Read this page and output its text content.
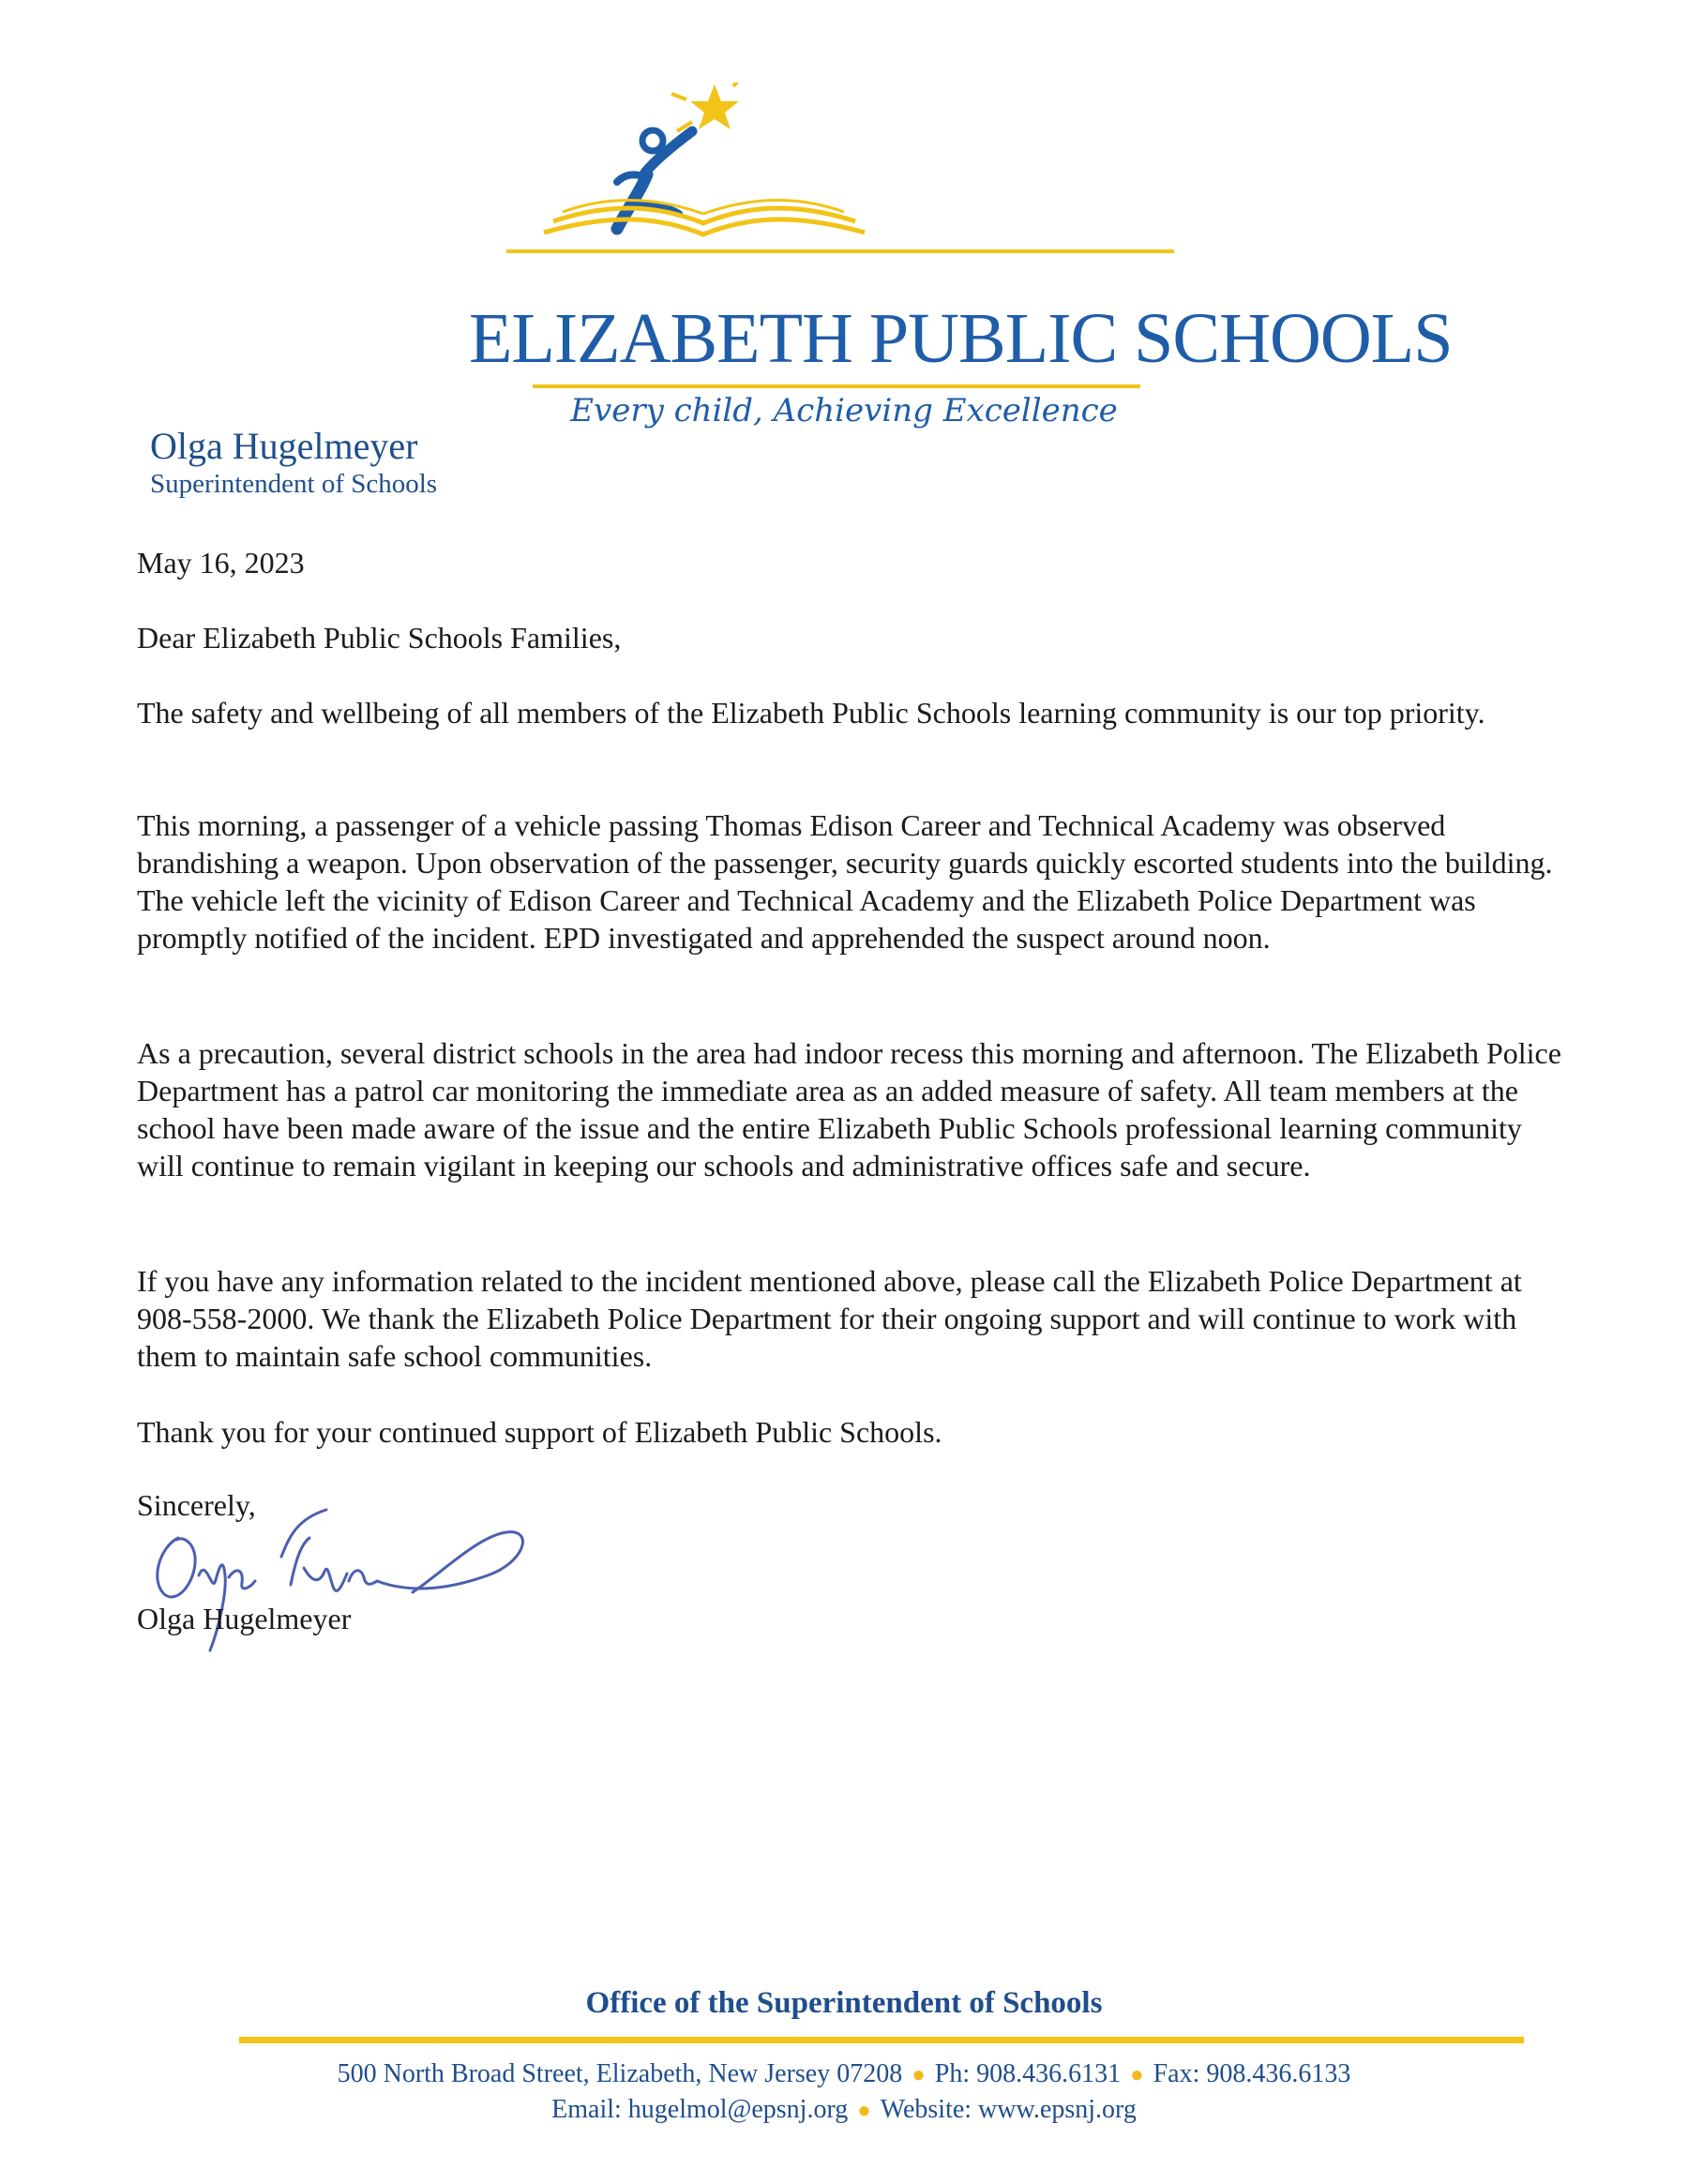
ELIZABETH PUBLIC SCHOOLS
Every child, Achieving Excellence
Olga Hugelmeyer
Superintendent of Schools
May 16, 2023
Dear Elizabeth Public Schools Families,
The safety and wellbeing of all members of the Elizabeth Public Schools learning community is our top priority.
This morning, a passenger of a vehicle passing Thomas Edison Career and Technical Academy was observed brandishing a weapon. Upon observation of the passenger, security guards quickly escorted students into the building. The vehicle left the vicinity of Edison Career and Technical Academy and the Elizabeth Police Department was promptly notified of the incident. EPD investigated and apprehended the suspect around noon.
As a precaution, several district schools in the area had indoor recess this morning and afternoon. The Elizabeth Police Department has a patrol car monitoring the immediate area as an added measure of safety. All team members at the school have been made aware of the issue and the entire Elizabeth Public Schools professional learning community will continue to remain vigilant in keeping our schools and administrative offices safe and secure.
If you have any information related to the incident mentioned above, please call the Elizabeth Police Department at 908-558-2000. We thank the Elizabeth Police Department for their ongoing support and will continue to work with them to maintain safe school communities.
Thank you for your continued support of Elizabeth Public Schools.
Sincerely,
Olga Hugelmeyer
Office of the Superintendent of Schools
500 North Broad Street, Elizabeth, New Jersey 07208 ● Ph: 908.436.6131 ● Fax: 908.436.6133
Email: hugelmol@epsnj.org ● Website: www.epsnj.org
